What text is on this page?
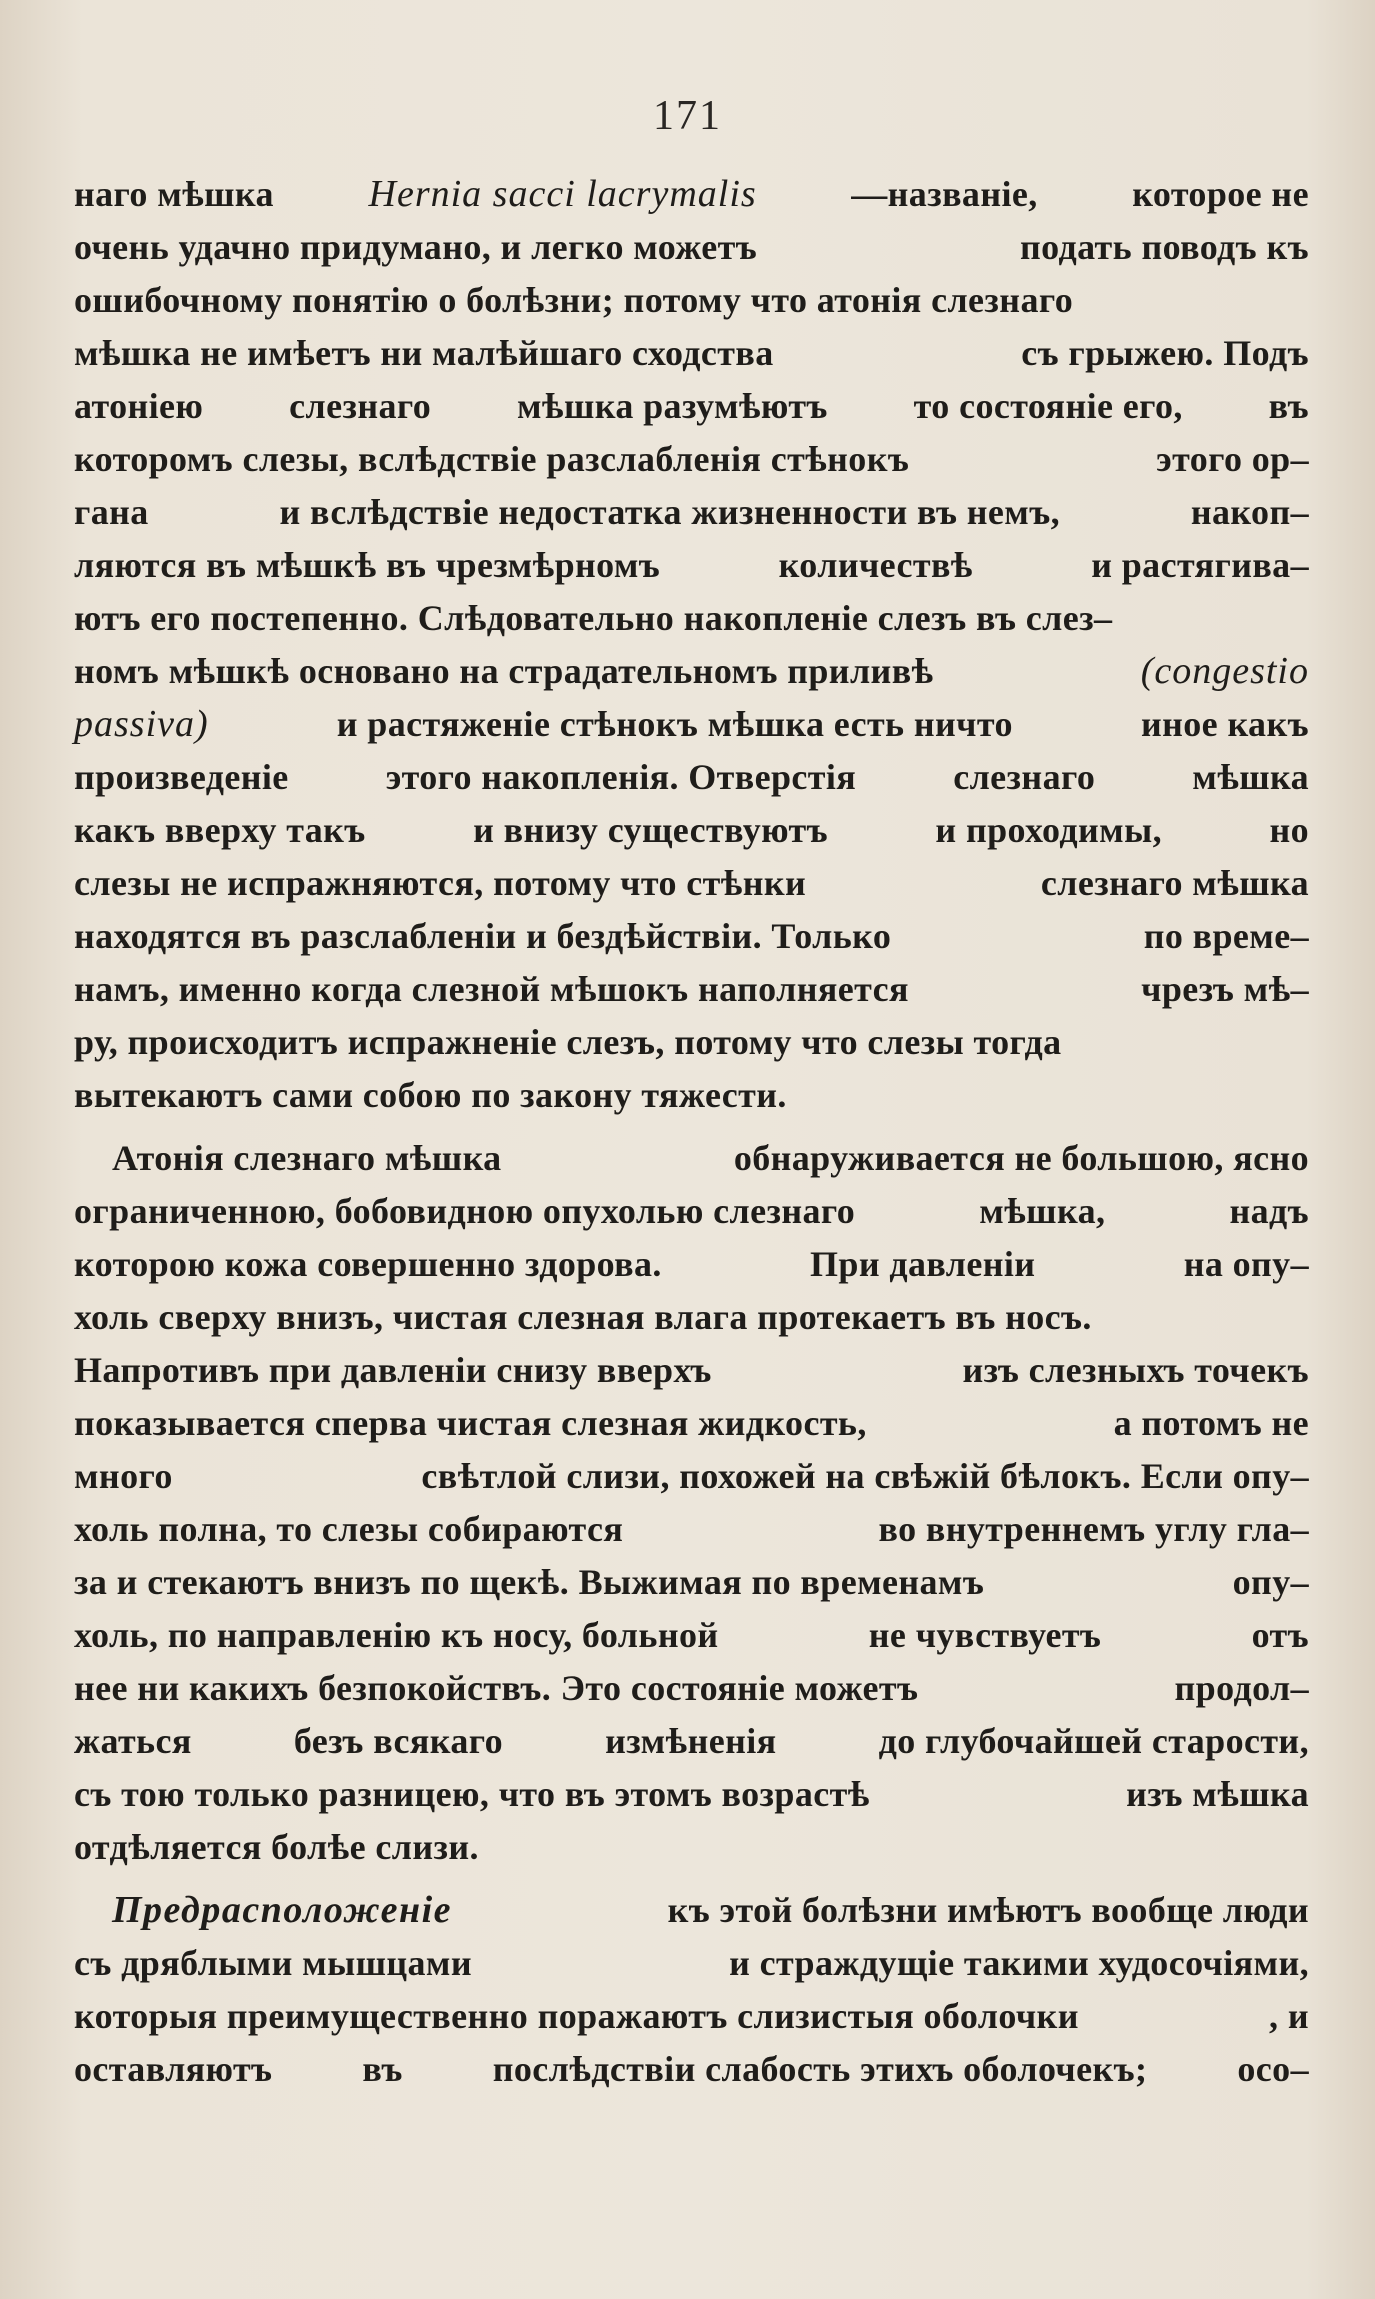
171
наго мѣшка Hernia sacci lacrymalis	—названіе,	которое не
очень удачно придумано, и легко можетъ	подать поводъ къ
ошибочному понятію о болѣзни; потому что атонія слезнаго
мѣшка не имѣетъ ни малѣйшаго сходства	съ грыжею. Подъ
атоніею слезнаго мѣшка разумѣютъ то состояніе его, въ
которомъ слезы, вслѣдствіе разслабленія стѣнокъ	этого ор–
гана	и вслѣдствіе недостатка жизненности въ немъ,	накоп–
ляются въ мѣшкѣ въ чрезмѣрномъ	количествѣ	и растягива–
ютъ его постепенно. Слѣдовательно накопленіе слезъ въ слез–
номъ мѣшкѣ основано на страдательномъ приливѣ	(congestio
passiva)	и растяженіе стѣнокъ мѣшка есть ничто	иное какъ
произведеніе	этого накопленія. Отверстія	слезнаго	мѣшка
какъ вверху такъ	и внизу существуютъ	и проходимы,	но
слезы не испражняются, потому что стѣнки	слезнаго мѣшка
находятся въ разслабленіи и бездѣйствіи. Только	по време–
намъ, именно когда слезной мѣшокъ наполняется	чрезъ мѣ–
ру, происходитъ испражненіе слезъ, потому что слезы тогда
вытекаютъ сами собою по закону тяжести.
Атонія слезнаго мѣшка	обнаруживается не большою, ясно
ограниченною, бобовидною опухолью слезнаго	мѣшка,	надъ
которою кожа совершенно здорова.	При давленіи	на опу–
холь сверху внизъ, чистая слезная влага протекаетъ въ носъ.
Напротивъ при давленіи снизу вверхъ	изъ слезныхъ точекъ
показывается сперва чистая слезная жидкость,	а потомъ не
много	свѣтлой слизи, похожей на свѣжій бѣлокъ. Если опу–
холь полна, то слезы собираются	во внутреннемъ углу гла–
за и стекаютъ внизъ по щекѣ. Выжимая по временамъ	опу–
холь, по направленію къ носу, больной	не чувствуетъ	отъ
нее ни какихъ безпокойствъ. Это состояніе можетъ	продол–
жаться	безъ всякаго	измѣненія	до глубочайшей старости,
съ тою только разницею, что въ этомъ возрастѣ	изъ мѣшка
отдѣляется болѣе слизи.
Предрасположеніе	къ этой болѣзни имѣютъ вообще люди
съ дряблыми мышцами	и страждущіе такими худосочіями,
которыя преимущественно поражаютъ слизистыя оболочки	, и
оставляютъ въ послѣдствіи слабость этихъ оболочекъ; осо–
